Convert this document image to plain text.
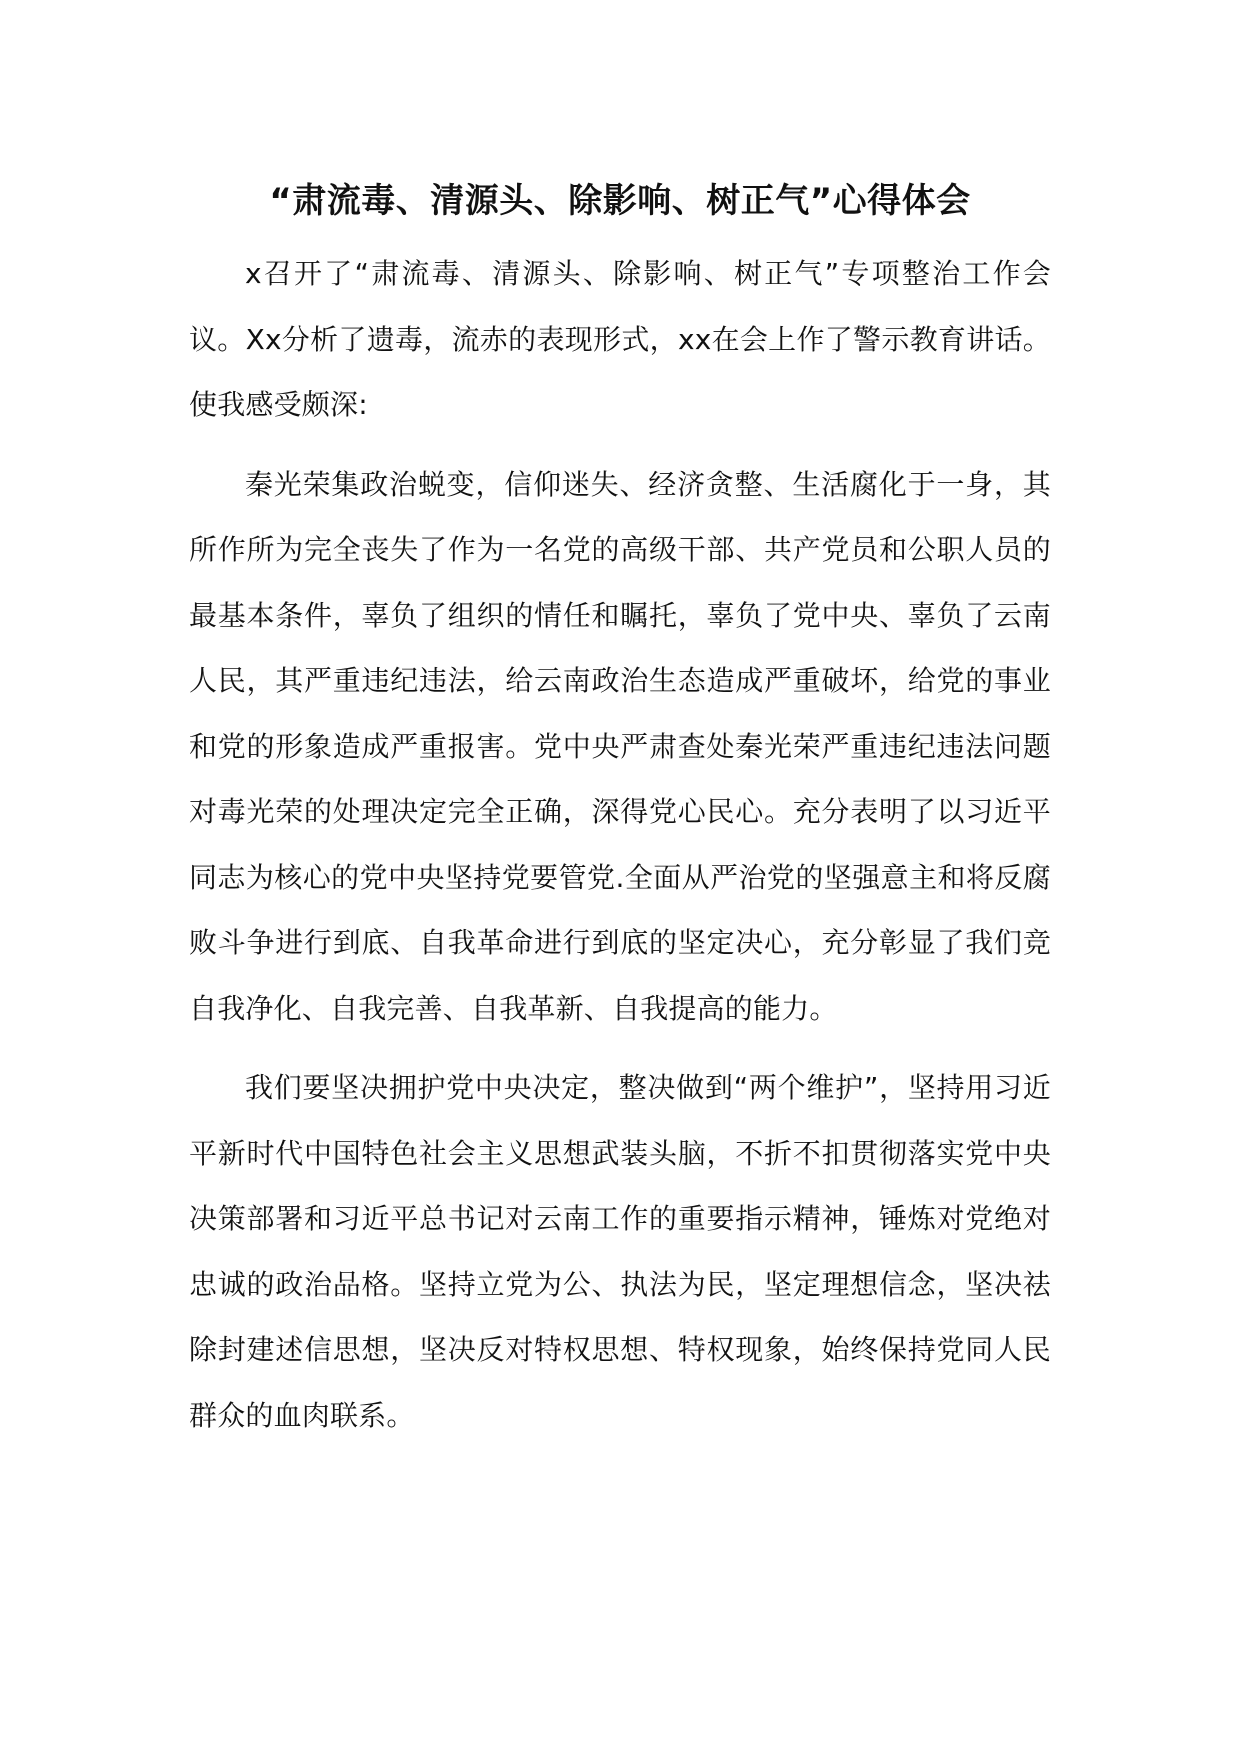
“肃流毒、清源头、除影响、树正气”心得体会

x召开了“肃流毒、清源头、除影响、树正气”专项整治工作会议。Xx分析了遗毒，流赤的表现形式，xx在会上作了警示教育讲话。使我感受颇深:

秦光荣集政治蜕变，信仰迷失、经济贪整、生活腐化于一身，其所作所为完全丧失了作为一名党的高级干部、共产党员和公职人员的最基本条件，辜负了组织的情任和瞩托，辜负了党中央、辜负了云南人民，其严重违纪违法，给云南政治生态造成严重破坏，给党的事业和党的形象造成严重报害。党中央严肃查处秦光荣严重违纪违法问题对毒光荣的处理决定完全正确，深得党心民心。充分表明了以习近平同志为核心的党中央坚持党要管党.全面从严治党的坚强意主和将反腐败斗争进行到底、自我革命进行到底的坚定决心，充分彰显了我们竞自我净化、自我完善、自我革新、自我提高的能力。

我们要坚决拥护党中央决定，整决做到“两个维护”，坚持用习近平新时代中国特色社会主义思想武装头脑，不折不扣贯彻落实党中央决策部署和习近平总书记对云南工作的重要指示精神，锤炼对党绝对忠诚的政治品格。坚持立党为公、执法为民，坚定理想信念，坚决祛除封建述信思想，坚决反对特权思想、特权现象，始终保持党同人民群众的血肉联系。
